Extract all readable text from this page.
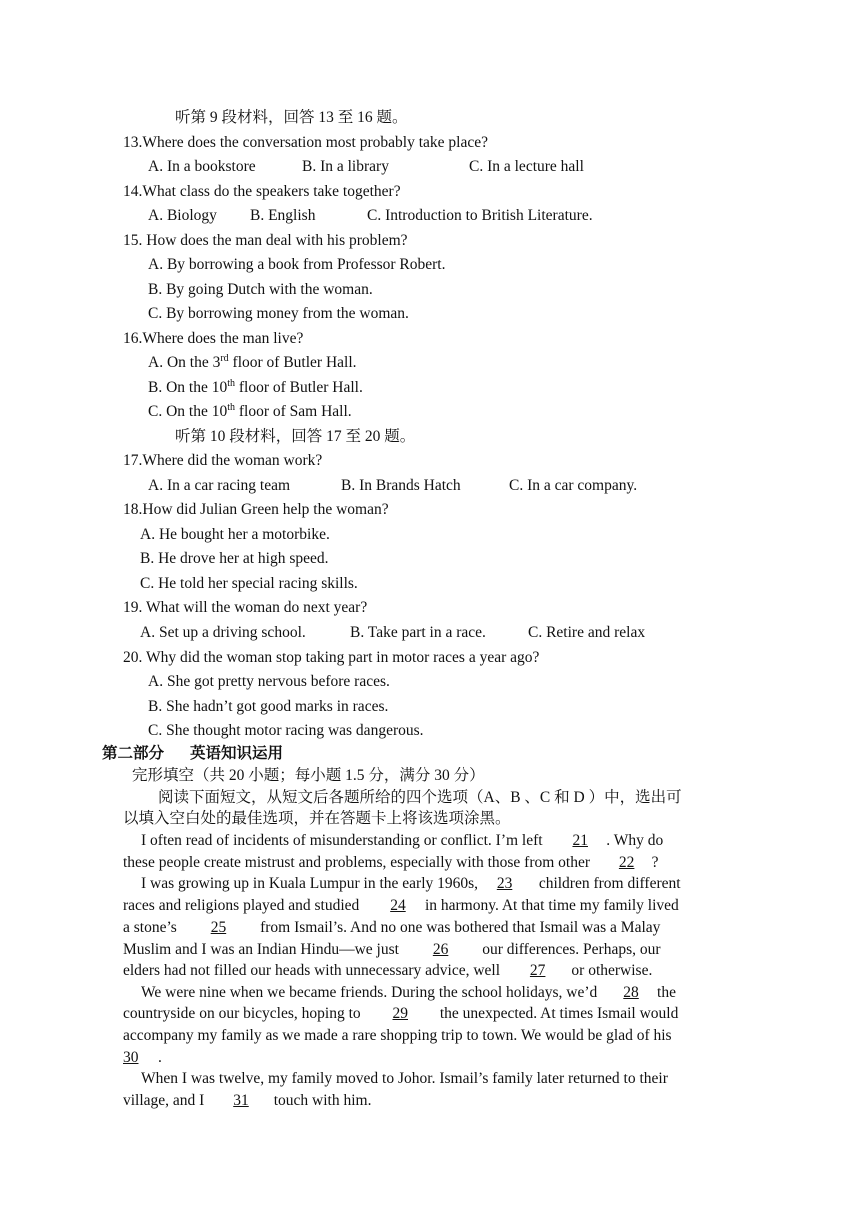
听第 9 段材料，回答 13 至 16 题。
13.Where does the conversation most probably take place?
A. In a bookstore	B. In a library	C. In a lecture hall
14.What class do the speakers take together?
A. Biology B. English	C. Introduction to British Literature.
15. How does the man deal with his problem?
A. By borrowing a book from Professor Robert.
B. By going Dutch with the woman.
C. By borrowing money from the woman.
16.Where does the man live?
A. On the 3rd floor of Butler Hall.
B. On the 10th floor of Butler Hall.
C. On the 10th floor of Sam Hall.
听第 10 段材料，回答 17 至 20 题。
17.Where did the woman work?
A. In a car racing team	B. In Brands Hatch	C. In a car company.
18.How did Julian Green help the woman?
A. He bought her a motorbike.
B. He drove her at high speed.
C. He told her special racing skills.
19. What will the woman do next year?
A. Set up a driving school.	B. Take part in a race.	C. Retire and relax
20. Why did the woman stop taking part in motor races a year ago?
A. She got pretty nervous before races.
B. She hadn’t got good marks in races.
C. She thought motor racing was dangerous.
第二部分 英语知识运用
完形填空（共 20 小题；每小题 1.5 分，满分 30 分）
阅读下面短文，从短文后各题所给的四个选项（A、B 、C 和 D ）中，选出可
以填入空白处的最佳选项，并在答题卡上将该选项涂黑。
I often read of incidents of misunderstanding or conflict. I’m left 21 . Why do
these people create mistrust and problems, especially with those from other 22 ?
I was growing up in Kuala Lumpur in the early 1960s, 23 children from different
races and religions played and studied 24 in harmony. At that time my family lived
a stone’s 25 from Ismail’s. And no one was bothered that Ismail was a Malay
Muslim and I was an Indian Hindu—we just 26 our differences. Perhaps, our
elders had not filled our heads with unnecessary advice, well 27 or otherwise.
We were nine when we became friends. During the school holidays, we’d 28 the
countryside on our bicycles, hoping to 29 the unexpected. At times Ismail would
accompany my family as we made a rare shopping trip to town. We would be glad of his
30 .
When I was twelve, my family moved to Johor. Ismail’s family later returned to their
village, and I 31 touch with him.
